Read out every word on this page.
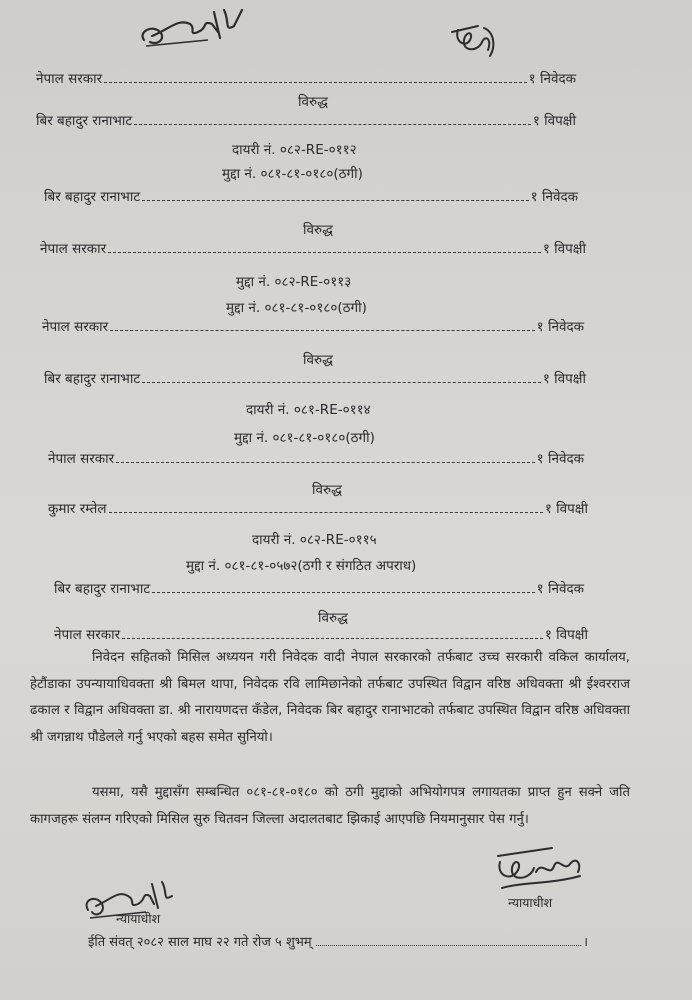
नेपाल सरकार	१ निवेदक
विरुद्ध
बिर बहादुर रानाभाट	१ विपक्षी
दायरी नं. ०८२-RE-०११२
मुद्दा नं. ०८१-८१-०१८०(ठगी)
बिर बहादुर रानाभाट	१ निवेदक
विरुद्ध
नेपाल सरकार	१ विपक्षी
मुद्दा नं. ०८२-RE-०११३
मुद्दा नं. ०८१-८१-०१८०(ठगी)
नेपाल सरकार	१ निवेदक
विरुद्ध
बिर बहादुर रानाभाट	१ विपक्षी
दायरी नं. ०८१-RE-०११४
मुद्दा नं. ०८१-८१-०१८०(ठगी)
नेपाल सरकार	१ निवेदक
विरुद्ध
कुमार रम्तेल	१ विपक्षी
दायरी नं. ०८२-RE-०११५
मुद्दा नं. ०८१-८१-०५७२(ठगी र संगठित अपराध)
बिर बहादुर रानाभाट	१ निवेदक
विरुद्ध
नेपाल सरकार	१ विपक्षी
निवेदन सहितको मिसिल अध्ययन गरी निवेदक वादी नेपाल सरकारको तर्फबाट उच्च सरकारी वकिल कार्यालय, हेटौंडाका उपन्यायाधिवक्ता श्री बिमल थापा, निवेदक रवि लामिछानेको तर्फबाट उपस्थित विद्वान वरिष्ठ अधिवक्ता श्री ईश्वरराज ढकाल र विद्वान अधिवक्ता डा. श्री नारायणदत्त कँडेल, निवेदक बिर बहादुर रानाभाटको तर्फबाट उपस्थित विद्वान वरिष्ठ अधिवक्ता श्री जगन्नाथ पौडेलले गर्नु भएको बहस समेत सुनियो।
यसमा, यसै मुद्दासँग सम्बन्धित ०८१-८१-०१८० को ठगी मुद्दाको अभियोगपत्र लगायतका प्राप्त हुन सक्ने जति कागजहरू संलग्न गरिएको मिसिल सुरु चितवन जिल्ला अदालतबाट झिकाई आएपछि नियमानुसार पेस गर्नु।
न्यायाधीश
न्यायाधीश
ईति संवत् २०८२ साल माघ २२ गते रोज ५ शुभम्	।
